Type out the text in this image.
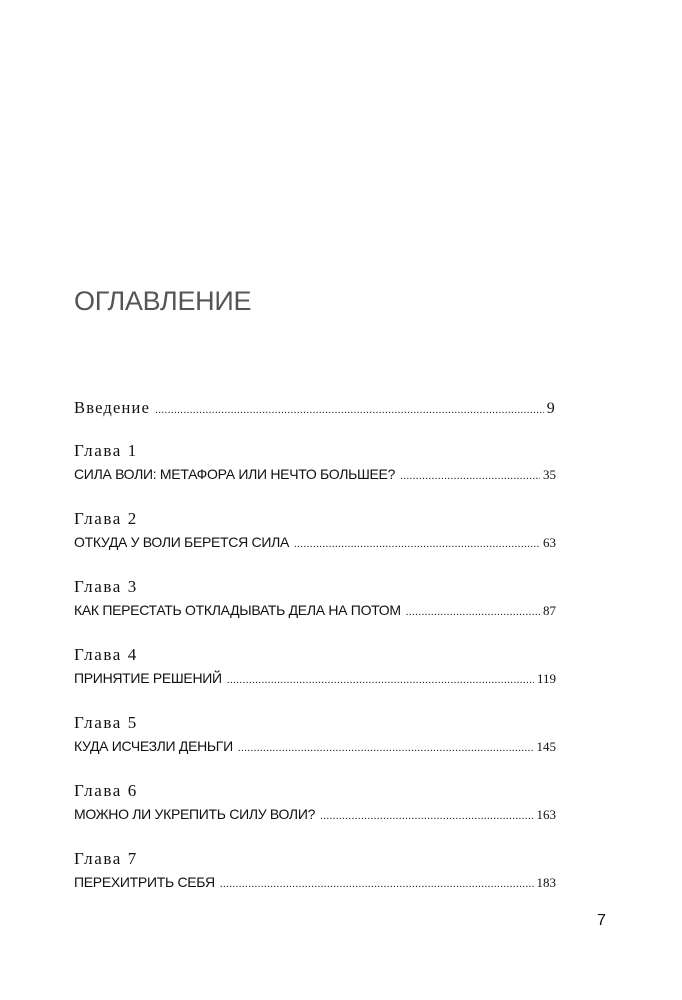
ОГЛАВЛЕНИЕ
Введение .....	9
Глава 1
СИЛА ВОЛИ: МЕТАФОРА ИЛИ НЕЧТО БОЛЬШЕЕ? .....	35
Глава 2
ОТКУДА У ВОЛИ БЕРЕТСЯ СИЛА .....	63
Глава 3
КАК ПЕРЕСТАТЬ ОТКЛАДЫВАТЬ ДЕЛА НА ПОТОМ .....	87
Глава 4
ПРИНЯТИЕ РЕШЕНИЙ .....	119
Глава 5
КУДА ИСЧЕЗЛИ ДЕНЬГИ .....	145
Глава 6
МОЖНО ЛИ УКРЕПИТЬ СИЛУ ВОЛИ? .....	163
Глава 7
ПЕРЕХИТРИТЬ СЕБЯ .....	183
7
